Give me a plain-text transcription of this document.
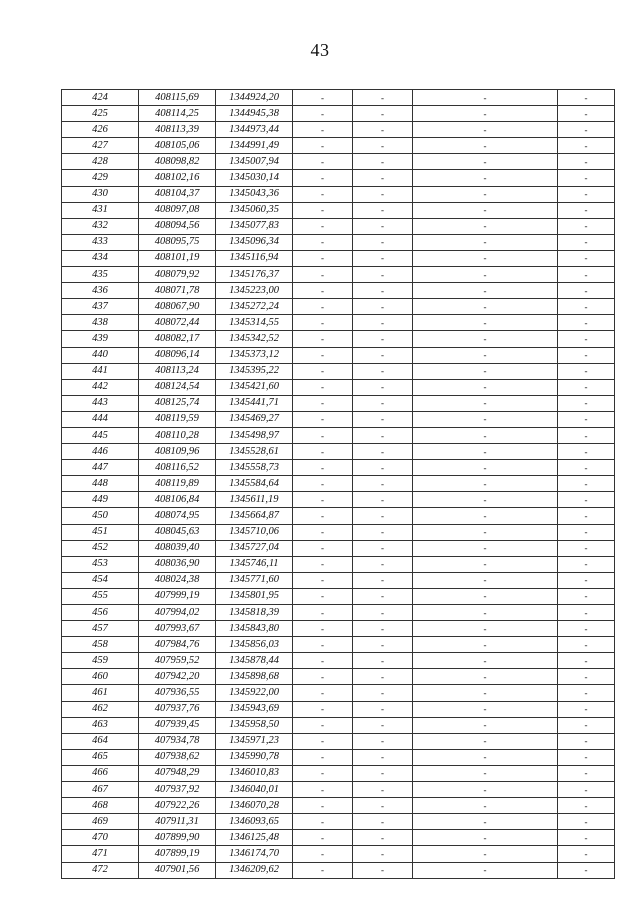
43
424	408115,69	1344924,20	-	-	-	-
425	408114,25	1344945,38	-	-	-	-
426	408113,39	1344973,44	-	-	-	-
427	408105,06	1344991,49	-	-	-	-
428	408098,82	1345007,94	-	-	-	-
429	408102,16	1345030,14	-	-	-	-
430	408104,37	1345043,36	-	-	-	-
431	408097,08	1345060,35	-	-	-	-
432	408094,56	1345077,83	-	-	-	-
433	408095,75	1345096,34	-	-	-	-
434	408101,19	1345116,94	-	-	-	-
435	408079,92	1345176,37	-	-	-	-
436	408071,78	1345223,00	-	-	-	-
437	408067,90	1345272,24	-	-	-	-
438	408072,44	1345314,55	-	-	-	-
439	408082,17	1345342,52	-	-	-	-
440	408096,14	1345373,12	-	-	-	-
441	408113,24	1345395,22	-	-	-	-
442	408124,54	1345421,60	-	-	-	-
443	408125,74	1345441,71	-	-	-	-
444	408119,59	1345469,27	-	-	-	-
445	408110,28	1345498,97	-	-	-	-
446	408109,96	1345528,61	-	-	-	-
447	408116,52	1345558,73	-	-	-	-
448	408119,89	1345584,64	-	-	-	-
449	408106,84	1345611,19	-	-	-	-
450	408074,95	1345664,87	-	-	-	-
451	408045,63	1345710,06	-	-	-	-
452	408039,40	1345727,04	-	-	-	-
453	408036,90	1345746,11	-	-	-	-
454	408024,38	1345771,60	-	-	-	-
455	407999,19	1345801,95	-	-	-	-
456	407994,02	1345818,39	-	-	-	-
457	407993,67	1345843,80	-	-	-	-
458	407984,76	1345856,03	-	-	-	-
459	407959,52	1345878,44	-	-	-	-
460	407942,20	1345898,68	-	-	-	-
461	407936,55	1345922,00	-	-	-	-
462	407937,76	1345943,69	-	-	-	-
463	407939,45	1345958,50	-	-	-	-
464	407934,78	1345971,23	-	-	-	-
465	407938,62	1345990,78	-	-	-	-
466	407948,29	1346010,83	-	-	-	-
467	407937,92	1346040,01	-	-	-	-
468	407922,26	1346070,28	-	-	-	-
469	407911,31	1346093,65	-	-	-	-
470	407899,90	1346125,48	-	-	-	-
471	407899,19	1346174,70	-	-	-	-
472	407901,56	1346209,62	-	-	-	-
